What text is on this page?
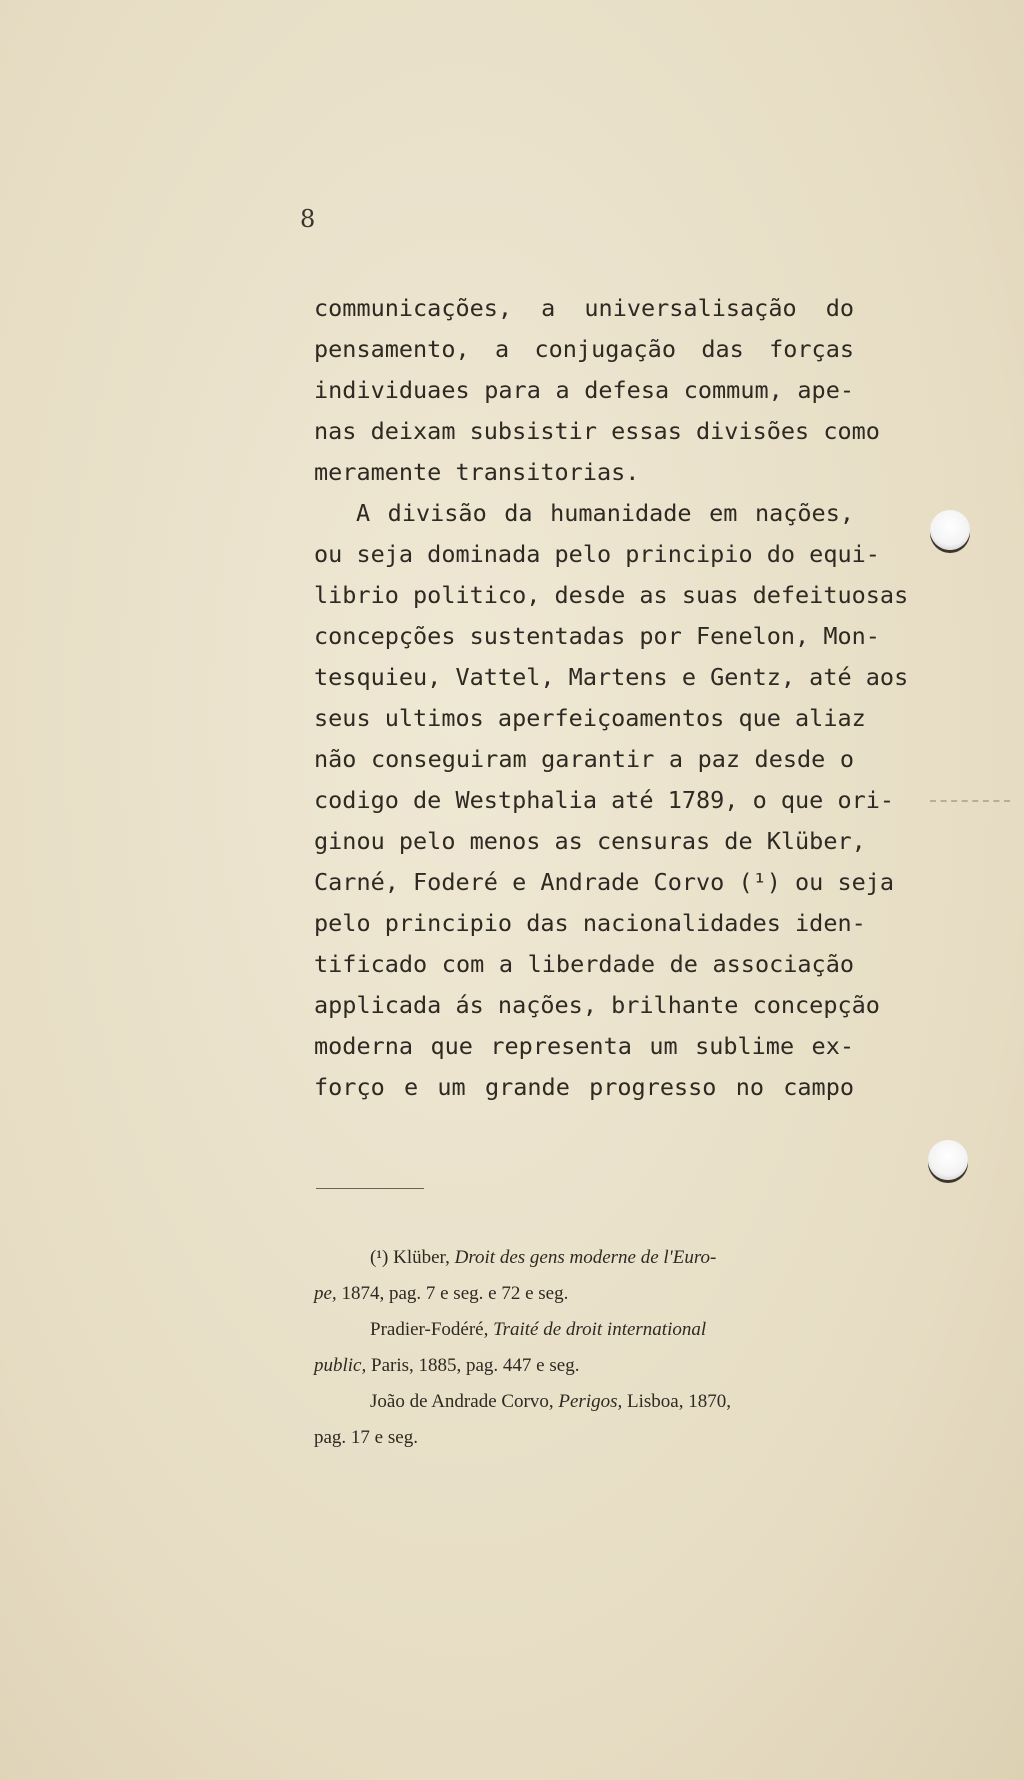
8
communicações, a universalisação do
pensamento, a conjugação das forças
individuaes para a defesa commum, ape-
nas deixam subsistir essas divisões como
meramente transitorias.
A divisão da humanidade em nações,
ou seja dominada pelo principio do equi-
librio politico, desde as suas defeituosas
concepções sustentadas por Fenelon, Mon-
tesquieu, Vattel, Martens e Gentz, até aos
seus ultimos aperfeiçoamentos que aliaz
não conseguiram garantir a paz desde o
codigo de Westphalia até 1789, o que ori-
ginou pelo menos as censuras de Klüber,
Carné, Foderé e Andrade Corvo (¹) ou seja
pelo principio das nacionalidades iden-
tificado com a liberdade de associação
applicada ás nações, brilhante concepção
moderna que representa um sublime ex-
forço e um grande progresso no campo
(¹) Klüber, Droit des gens moderne de l'Euro-
pe, 1874, pag. 7 e seg. e 72 e seg.
Pradier-Fodéré, Traité de droit international
public, Paris, 1885, pag. 447 e seg.
João de Andrade Corvo, Perigos, Lisboa, 1870,
pag. 17 e seg.
